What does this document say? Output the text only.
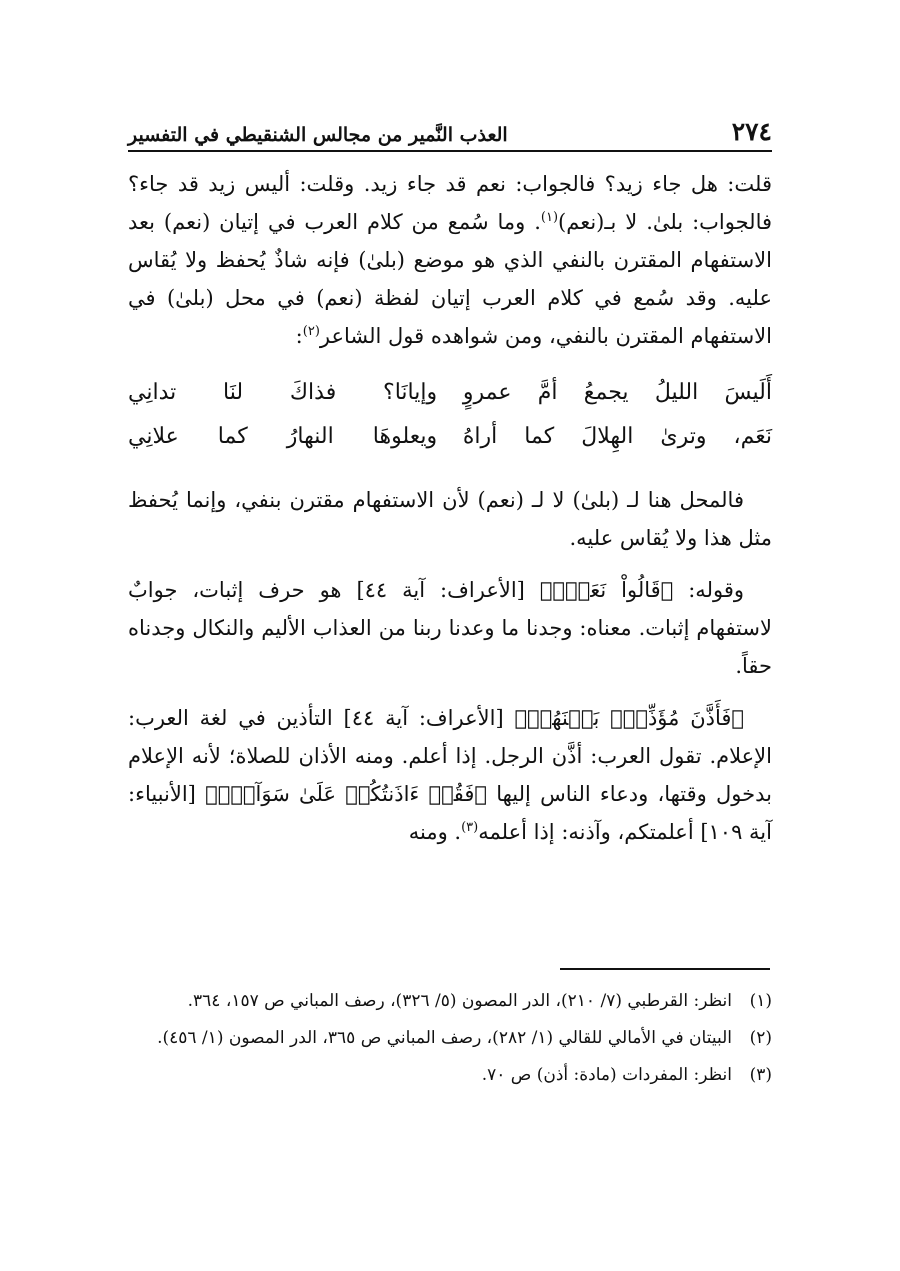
٢٧٤
العذب النَّمير من مجالس الشنقيطي في التفسير

قلت: هل جاء زيد؟ فالجواب: نعم قد جاء زيد. وقلت: أليس زيد قد جاء؟ فالجواب: بلىٰ. لا بـ(نعم)$^{(١)}$. وما سُمع من كلام العرب في إتيان (نعم) بعد الاستفهام المقترن بالنفي الذي هو موضع (بلىٰ) فإنه شاذٌ يُحفظ ولا يُقاس عليه. وقد سُمع في كلام العرب إتيان لفظة (نعم) في محل (بلىٰ) في الاستفهام المقترن بالنفي، ومن شواهده قول الشاعر$^{(٢)}$:

أَلَيسَ الليلُ يجمعُ أمَّ عمروٍ
وإيانَا؟ فذاكَ لنَا تدانِي
نَعَم، وترىٰ الهِلالَ كما أراهُ
ويعلوهَا النهارُ كما علانِي

فالمحل هنا لـ (بلىٰ) لا لـ (نعم) لأن الاستفهام مقترن بنفي، وإنما يُحفظ مثل هذا ولا يُقاس عليه.

وقوله: ﴿قَالُواْ نَعَمۡۚ﴾ [الأعراف: آية ٤٤] هو حرف إثبات، جوابٌ لاستفهام إثبات. معناه: وجدنا ما وعدنا ربنا من العذاب الأليم والنكال وجدناه حقاً.

﴿فَأَذَّنَ مُؤَذِّنُۢ بَيۡنَهُمۡ﴾ [الأعراف: آية ٤٤] التأذين في لغة العرب: الإعلام. تقول العرب: أذَّن الرجل. إذا أعلم. ومنه الأذان للصلاة؛ لأنه الإعلام بدخول وقتها، ودعاء الناس إليها ﴿فَقُلۡ ءَاذَنتُكُمۡ عَلَىٰ سَوَآءٖۖ﴾ [الأنبياء: آية ١٠٩] أعلمتكم، وآذنه: إذا أعلمه$^{(٣)}$. ومنه

(١)
انظر: القرطبي (٧/ ٢١٠)، الدر المصون (٥/ ٣٢٦)، رصف المباني ص ١٥٧، ٣٦٤.
(٢)
البيتان في الأمالي للقالي (١/ ٢٨٢)، رصف المباني ص ٣٦٥، الدر المصون (١/ ٤٥٦).
(٣)
انظر: المفردات (مادة: أذن) ص ٧٠.
